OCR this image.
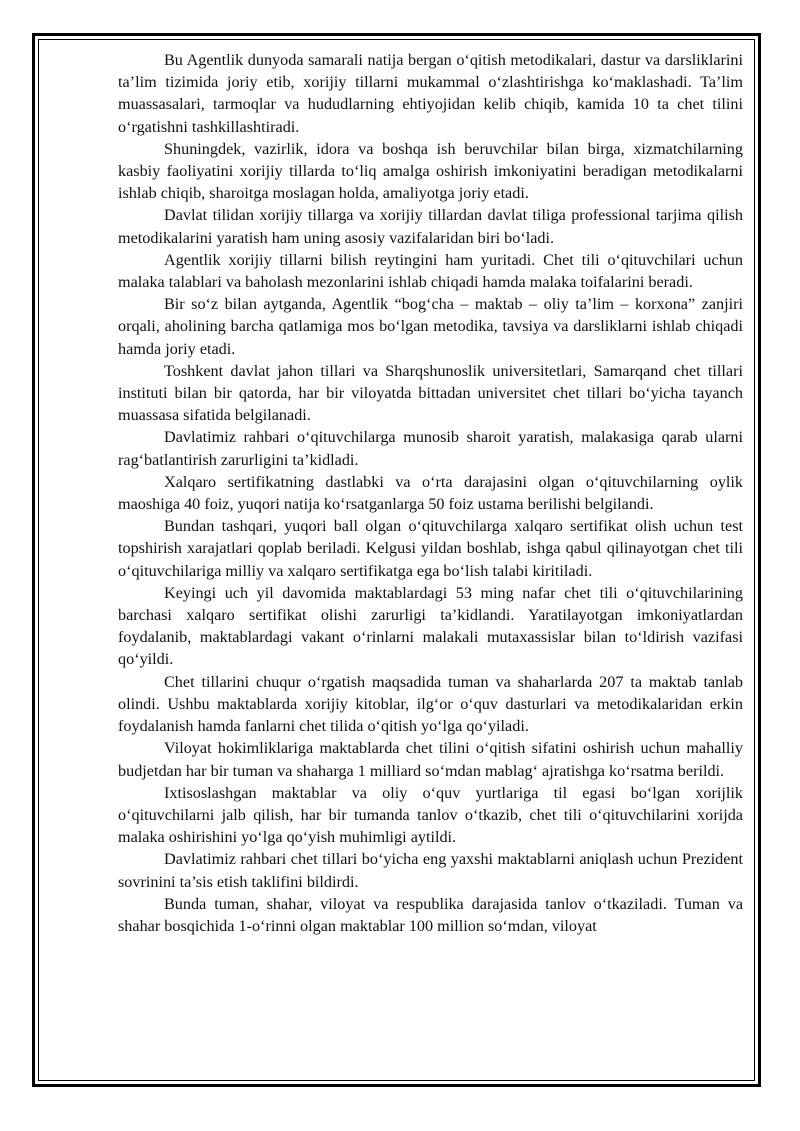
Bu Agentlik dunyoda samarali natija bergan o‘qitish metodikalari, dastur va darsliklarini ta’lim tizimida joriy etib, xorijiy tillarni mukammal o‘zlashtirishga ko‘maklashadi. Ta’lim muassasalari, tarmoqlar va hududlarning ehtiyojidan kelib chiqib, kamida 10 ta chet tilini o‘rgatishni tashkillashtiradi.

Shuningdek, vazirlik, idora va boshqa ish beruvchilar bilan birga, xizmatchilarning kasbiy faoliyatini xorijiy tillarda to‘liq amalga oshirish imkoniyatini beradigan metodikalarni ishlab chiqib, sharoitga moslagan holda, amaliyotga joriy etadi.

Davlat tilidan xorijiy tillarga va xorijiy tillardan davlat tiliga professional tarjima qilish metodikalarini yaratish ham uning asosiy vazifalaridan biri bo‘ladi.

Agentlik xorijiy tillarni bilish reytingini ham yuritadi. Chet tili o‘qituvchilari uchun malaka talablari va baholash mezonlarini ishlab chiqadi hamda malaka toifalarini beradi.

Bir so‘z bilan aytganda, Agentlik “bog‘cha – maktab – oliy ta’lim – korxona” zanjiri orqali, aholining barcha qatlamiga mos bo‘lgan metodika, tavsiya va darsliklarni ishlab chiqadi hamda joriy etadi.

Toshkent davlat jahon tillari va Sharqshunoslik universitetlari, Samarqand chet tillari instituti bilan bir qatorda, har bir viloyatda bittadan universitet chet tillari bo‘yicha tayanch muassasa sifatida belgilanadi.

Davlatimiz rahbari o‘qituvchilarga munosib sharoit yaratish, malakasiga qarab ularni rag‘batlantirish zarurligini ta’kidladi.

Xalqaro sertifikatning dastlabki va o‘rta darajasini olgan o‘qituvchilarning oylik maoshiga 40 foiz, yuqori natija ko‘rsatganlarga 50 foiz ustama berilishi belgilandi.

Bundan tashqari, yuqori ball olgan o‘qituvchilarga xalqaro sertifikat olish uchun test topshirish xarajatlari qoplab beriladi. Kelgusi yildan boshlab, ishga qabul qilinayotgan chet tili o‘qituvchilariga milliy va xalqaro sertifikatga ega bo‘lish talabi kiritiladi.

Keyingi uch yil davomida maktablardagi 53 ming nafar chet tili o‘qituvchilarining barchasi xalqaro sertifikat olishi zarurligi ta’kidlandi. Yaratilayotgan imkoniyatlardan foydalanib, maktablardagi vakant o‘rinlarni malakali mutaxassislar bilan to‘ldirish vazifasi qo‘yildi.

Chet tillarini chuqur o‘rgatish maqsadida tuman va shaharlarda 207 ta maktab tanlab olindi. Ushbu maktablarda xorijiy kitoblar, ilg‘or o‘quv dasturlari va metodikalaridan erkin foydalanish hamda fanlarni chet tilida o‘qitish yo‘lga qo‘yiladi.

Viloyat hokimliklariga maktablarda chet tilini o‘qitish sifatini oshirish uchun mahalliy budjetdan har bir tuman va shaharga 1 milliard so‘mdan mablag‘ ajratishga ko‘rsatma berildi.

Ixtisoslashgan maktablar va oliy o‘quv yurtlariga til egasi bo‘lgan xorijlik o‘qituvchilarni jalb qilish, har bir tumanda tanlov o‘tkazib, chet tili o‘qituvchilarini xorijda malaka oshirishini yo‘lga qo‘yish muhimligi aytildi.

Davlatimiz rahbari chet tillari bo‘yicha eng yaxshi maktablarni aniqlash uchun Prezident sovrinini ta’sis etish taklifini bildirdi.

Bunda tuman, shahar, viloyat va respublika darajasida tanlov o‘tkaziladi. Tuman va shahar bosqichida 1-o‘rinni olgan maktablar 100 million so‘mdan, viloyat
